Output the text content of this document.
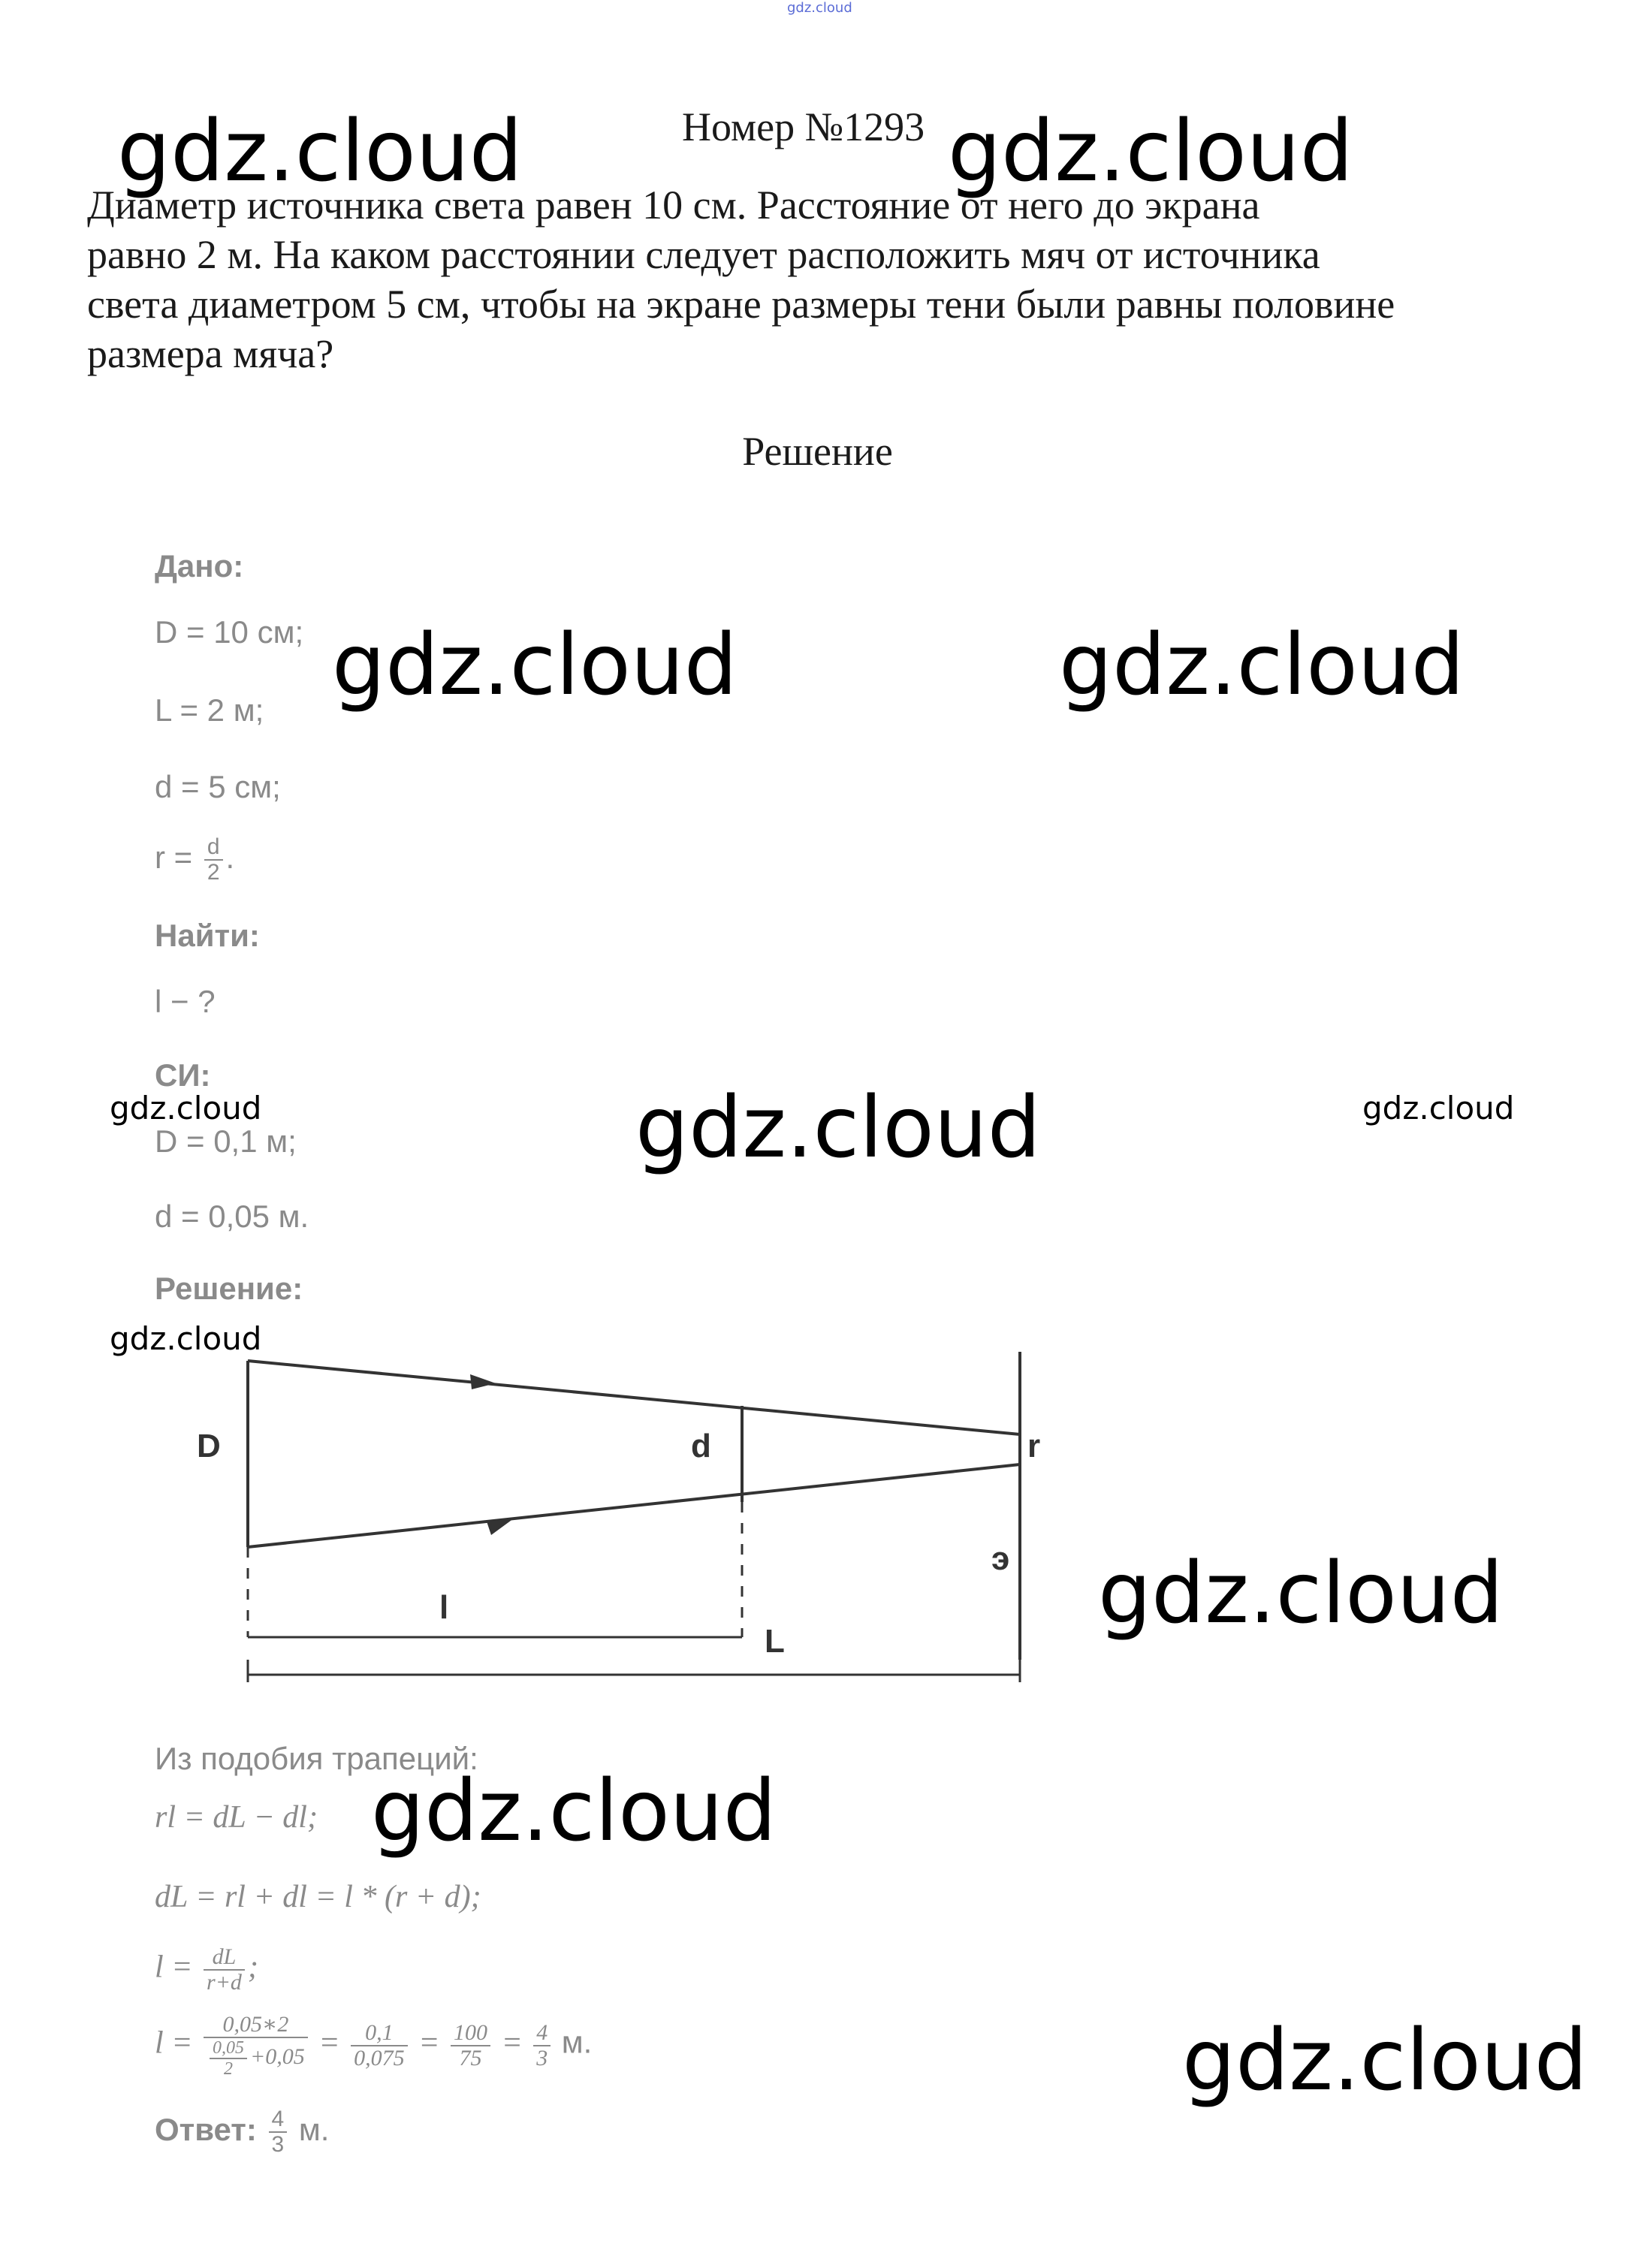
gdz.cloud
Номер №1293

Диаметр источника света равен 10 см. Расстояние от него до экрана

равно 2 м. На каком расстоянии следует расположить мяч от источника

света диаметром 5 см, чтобы на экране размеры тени были равны половине

размера мяча?

Решение
Дано:
D = 10 см;
L = 2 м;
d = 5 см;
$r = \frac{d}{2}$ .
Найти:
l − ?
СИ:
D = 0,1 м;
d = 0,05 м.
Решение:
D	d	r
э
l
L
Из подобия трапеций:
rl = dL − dl;
dL = rl + dl = l * (r + d);
$l = \frac{dL}{r+d}$ ;
$l = \frac{0,05∗2}{\frac{0,05}{2} +0,05} = \frac{0,1}{0,075} = \frac{100}{75} = \frac{4}{3} м$.
Ответ: $\frac{4}{3} м$.
gdz.cloud	gdz.cloud
gdz.cloud	gdz.cloud
gdz.cloud	gdz.cloud	gdz.cloud
gdz.cloud
gdz.cloud
gdz.cloud
gdz.cloud
